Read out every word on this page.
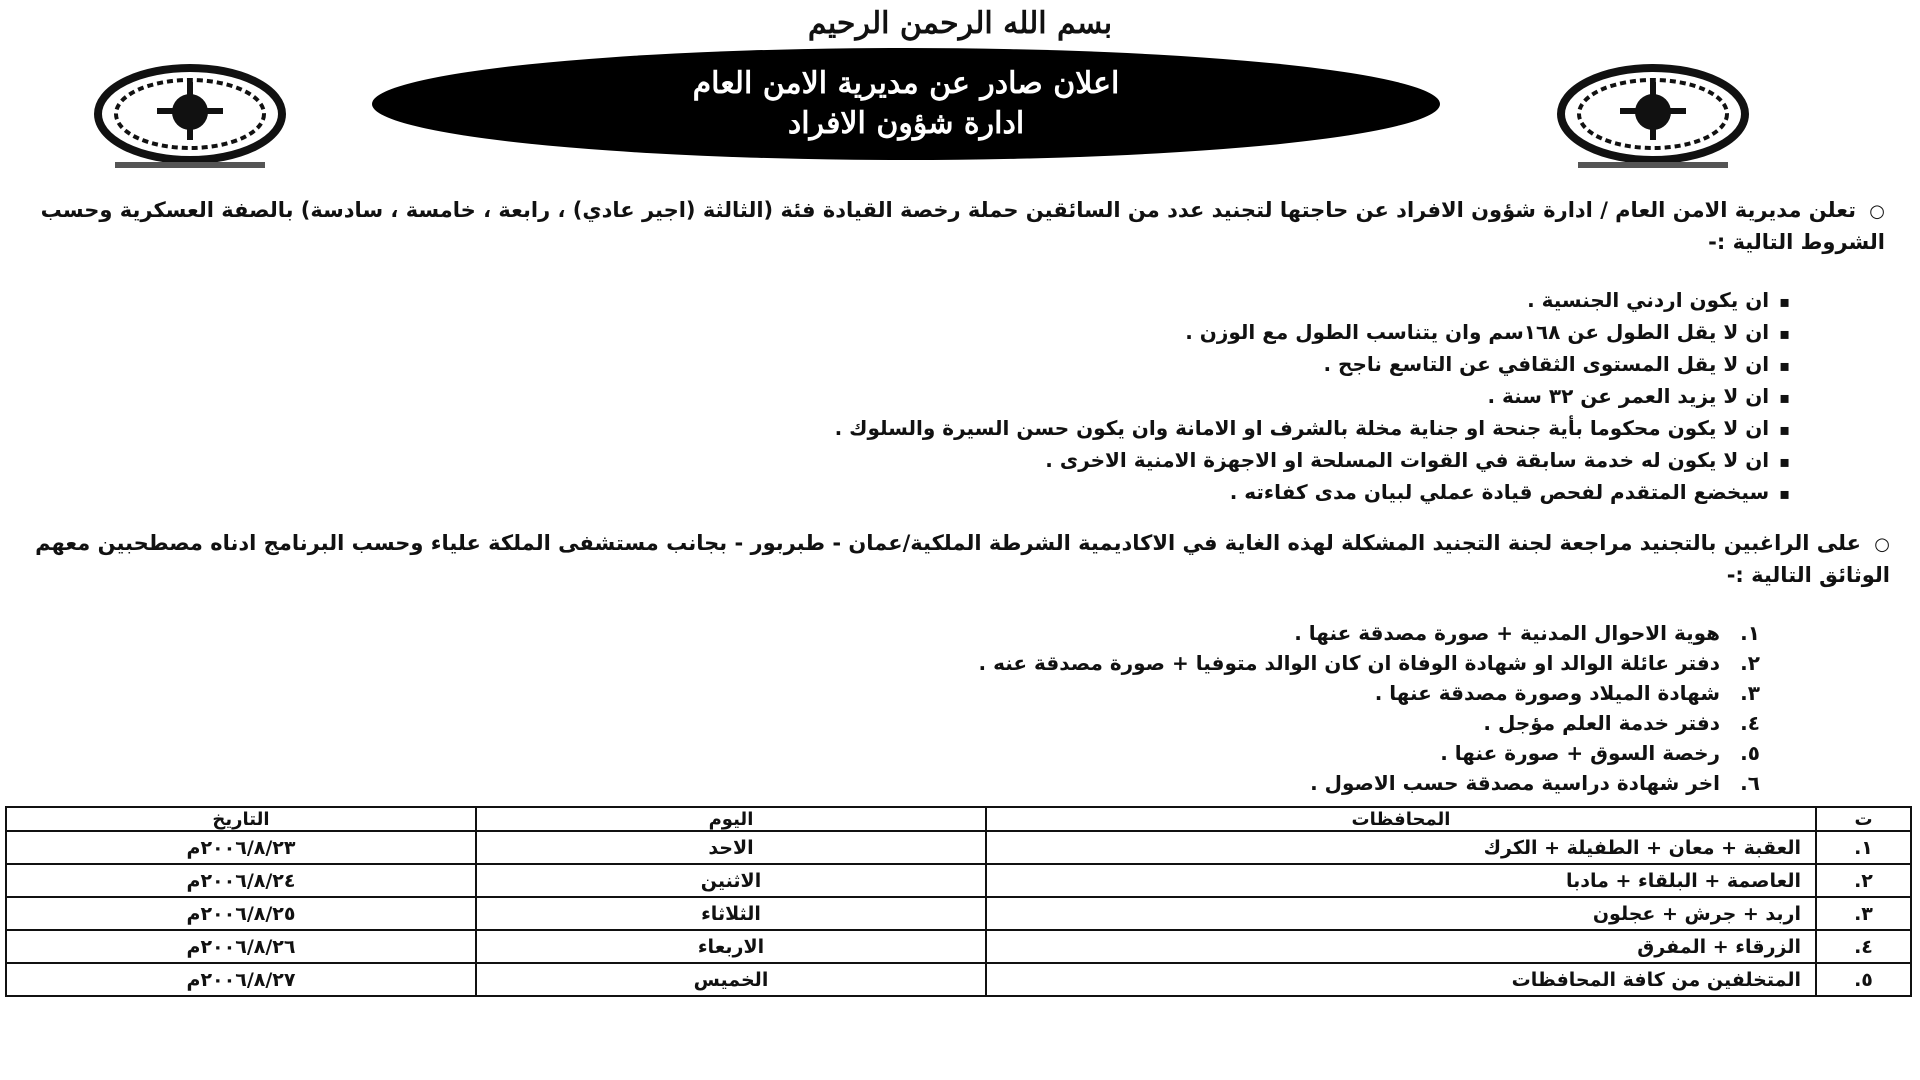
بسم الله الرحمن الرحيم
اعلان صادر عن مديرية الامن العام
ادارة شؤون الافراد
○ تعلن مديرية الامن العام / ادارة شؤون الافراد عن حاجتها لتجنيد عدد من السائقين حملة رخصة القيادة فئة (الثالثة (اجير عادي) ، رابعة ، خامسة ، سادسة) بالصفة العسكرية وحسب الشروط التالية :-
▪ ان يكون اردني الجنسية .
▪ ان لا يقل الطول عن ١٦٨سم وان يتناسب الطول مع الوزن .
▪ ان لا يقل المستوى الثقافي عن التاسع ناجح .
▪ ان لا يزيد العمر عن ٣٢ سنة .
▪ ان لا يكون محكوما بأية جنحة او جناية مخلة بالشرف او الامانة وان يكون حسن السيرة والسلوك .
▪ ان لا يكون له خدمة سابقة في القوات المسلحة او الاجهزة الامنية الاخرى .
▪ سيخضع المتقدم لفحص قيادة عملي لبيان مدى كفاءته .
○ على الراغبين بالتجنيد مراجعة لجنة التجنيد المشكلة لهذه الغاية في الاكاديمية الشرطة الملكية/عمان - طبربور - بجانب مستشفى الملكة علياء وحسب البرنامج ادناه مصطحبين معهم الوثائق التالية :-
١.هوية الاحوال المدنية + صورة مصدقة عنها .
٢.دفتر عائلة الوالد او شهادة الوفاة ان كان الوالد متوفيا + صورة مصدقة عنه .
٣.شهادة الميلاد وصورة مصدقة عنها .
٤.دفتر خدمة العلم مؤجل .
٥.رخصة السوق + صورة عنها .
٦.اخر شهادة دراسية مصدقة حسب الاصول .
ت	المحافظات	اليوم	التاريخ
١.	العقبة + معان + الطفيلة + الكرك	الاحد	٢٠٠٦/٨/٢٣م
٢.	العاصمة + البلقاء + مادبا	الاثنين	٢٠٠٦/٨/٢٤م
٣.	اربد + جرش + عجلون	الثلاثاء	٢٠٠٦/٨/٢٥م
٤.	الزرقاء + المفرق	الاربعاء	٢٠٠٦/٨/٢٦م
٥.	المتخلفين من كافة المحافظات	الخميس	٢٠٠٦/٨/٢٧م
